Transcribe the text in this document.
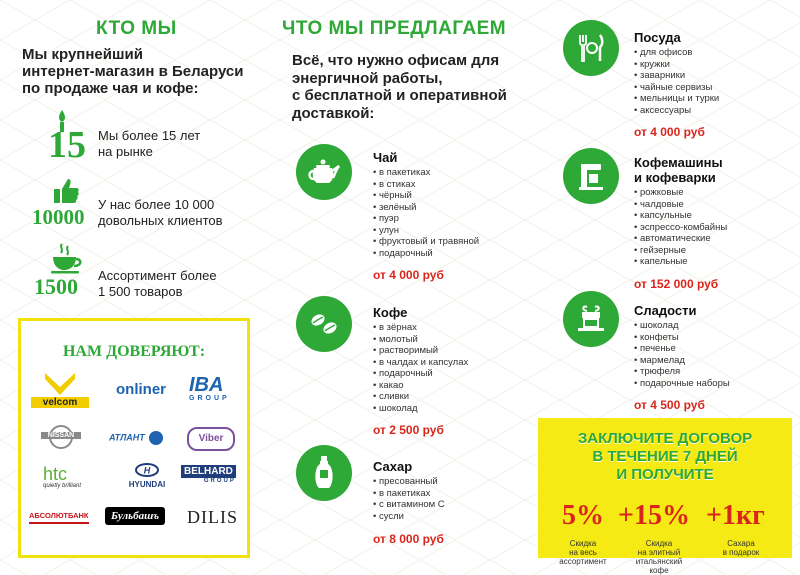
КТО МЫ
Мы крупнейший
интернет-магазин в Беларуси
по продаже чая и кофе:
15 Мы более 15 лет
на рынке
10000
У нас более 10 000
довольных клиентов
1500 Ассортимент более
1 500 товаров
НАМ ДОВЕРЯЮТ:
velcom
onliner IBA
GROUP
NISSAN	АТЛАНТ	Viber
htc
quietly brilliant
H
HYUNDAI
BELHARD
GROUP
АБСОЛЮТБАНК	Бульбашъ	DILIS
ЧТО МЫ ПРЕДЛАГАЕМ
Всё, что нужно офисам для
энергичной работы,
с бесплатной и оперативной
доставкой:
Чай
• в пакетиках
• в стиках
• чёрный
• зелёный
• пуэр
• улун
• фруктовый и травяной
• подарочный
от 4 000 руб
Кофе
• в зёрнах
• молотый
• растворимый
• в чалдах и капсулах
• подарочный
• какао
• сливки
• шоколад
от 2 500 руб
Сахар
• пресованный
• в пакетиках
• с витамином С
• сусли
от 8 000 руб
Посуда
• для офисов
• кружки
• заварники
• чайные сервизы
• мельницы и турки
• аксессуары
от 4 000 руб
Кофемашины
и кофеварки
• рожковые
• чалдовые
• капсульные
• эспрессо-комбайны
• автоматические
• гейзерные
• капельные
от 152 000 руб
Сладости
• шоколад
• конфеты
• печенье
• мармелад
• трюфеля
• подарочные наборы
от 4 500 руб
ЗАКЛЮЧИТЕ ДОГОВОР
В ТЕЧЕНИЕ 7 ДНЕЙ
И ПОЛУЧИТЕ
5% +15% +1кг
Скидка
на весь
ассортимент
Скидка
на элитный
итальянский
кофе
Сахара
в подарок
